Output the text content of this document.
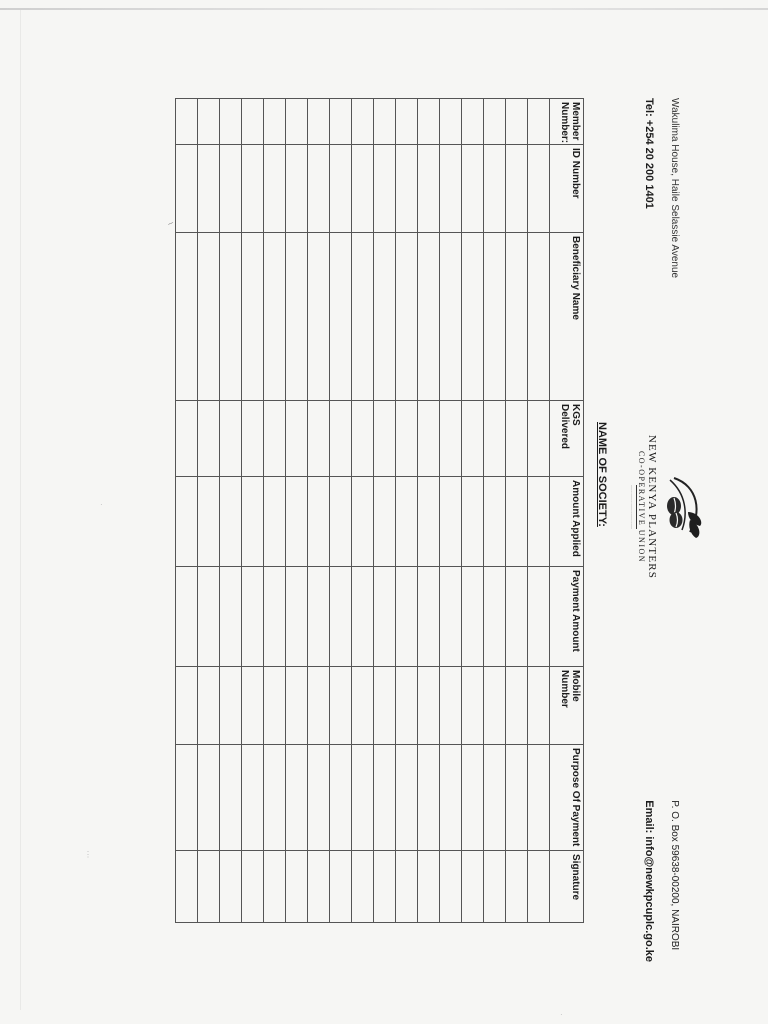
Wakulima House, Haile Selassie Avenue
Tel: +254 20 200 1401
NEW KENYA PLANTERS
CO-OPERATIVE UNION
........................................
P. O. Box 59638-00200, NAIROBI
Email: info@newkpcuplc.go.ke
NAME OF SOCIETY:
Member Number:	ID Number	Beneficiary Name	KGS Delivered	Amount Applied	Payment Amount	Mobile Number	Purpose Of Payment	Signature

⌇
⋮
·
·
